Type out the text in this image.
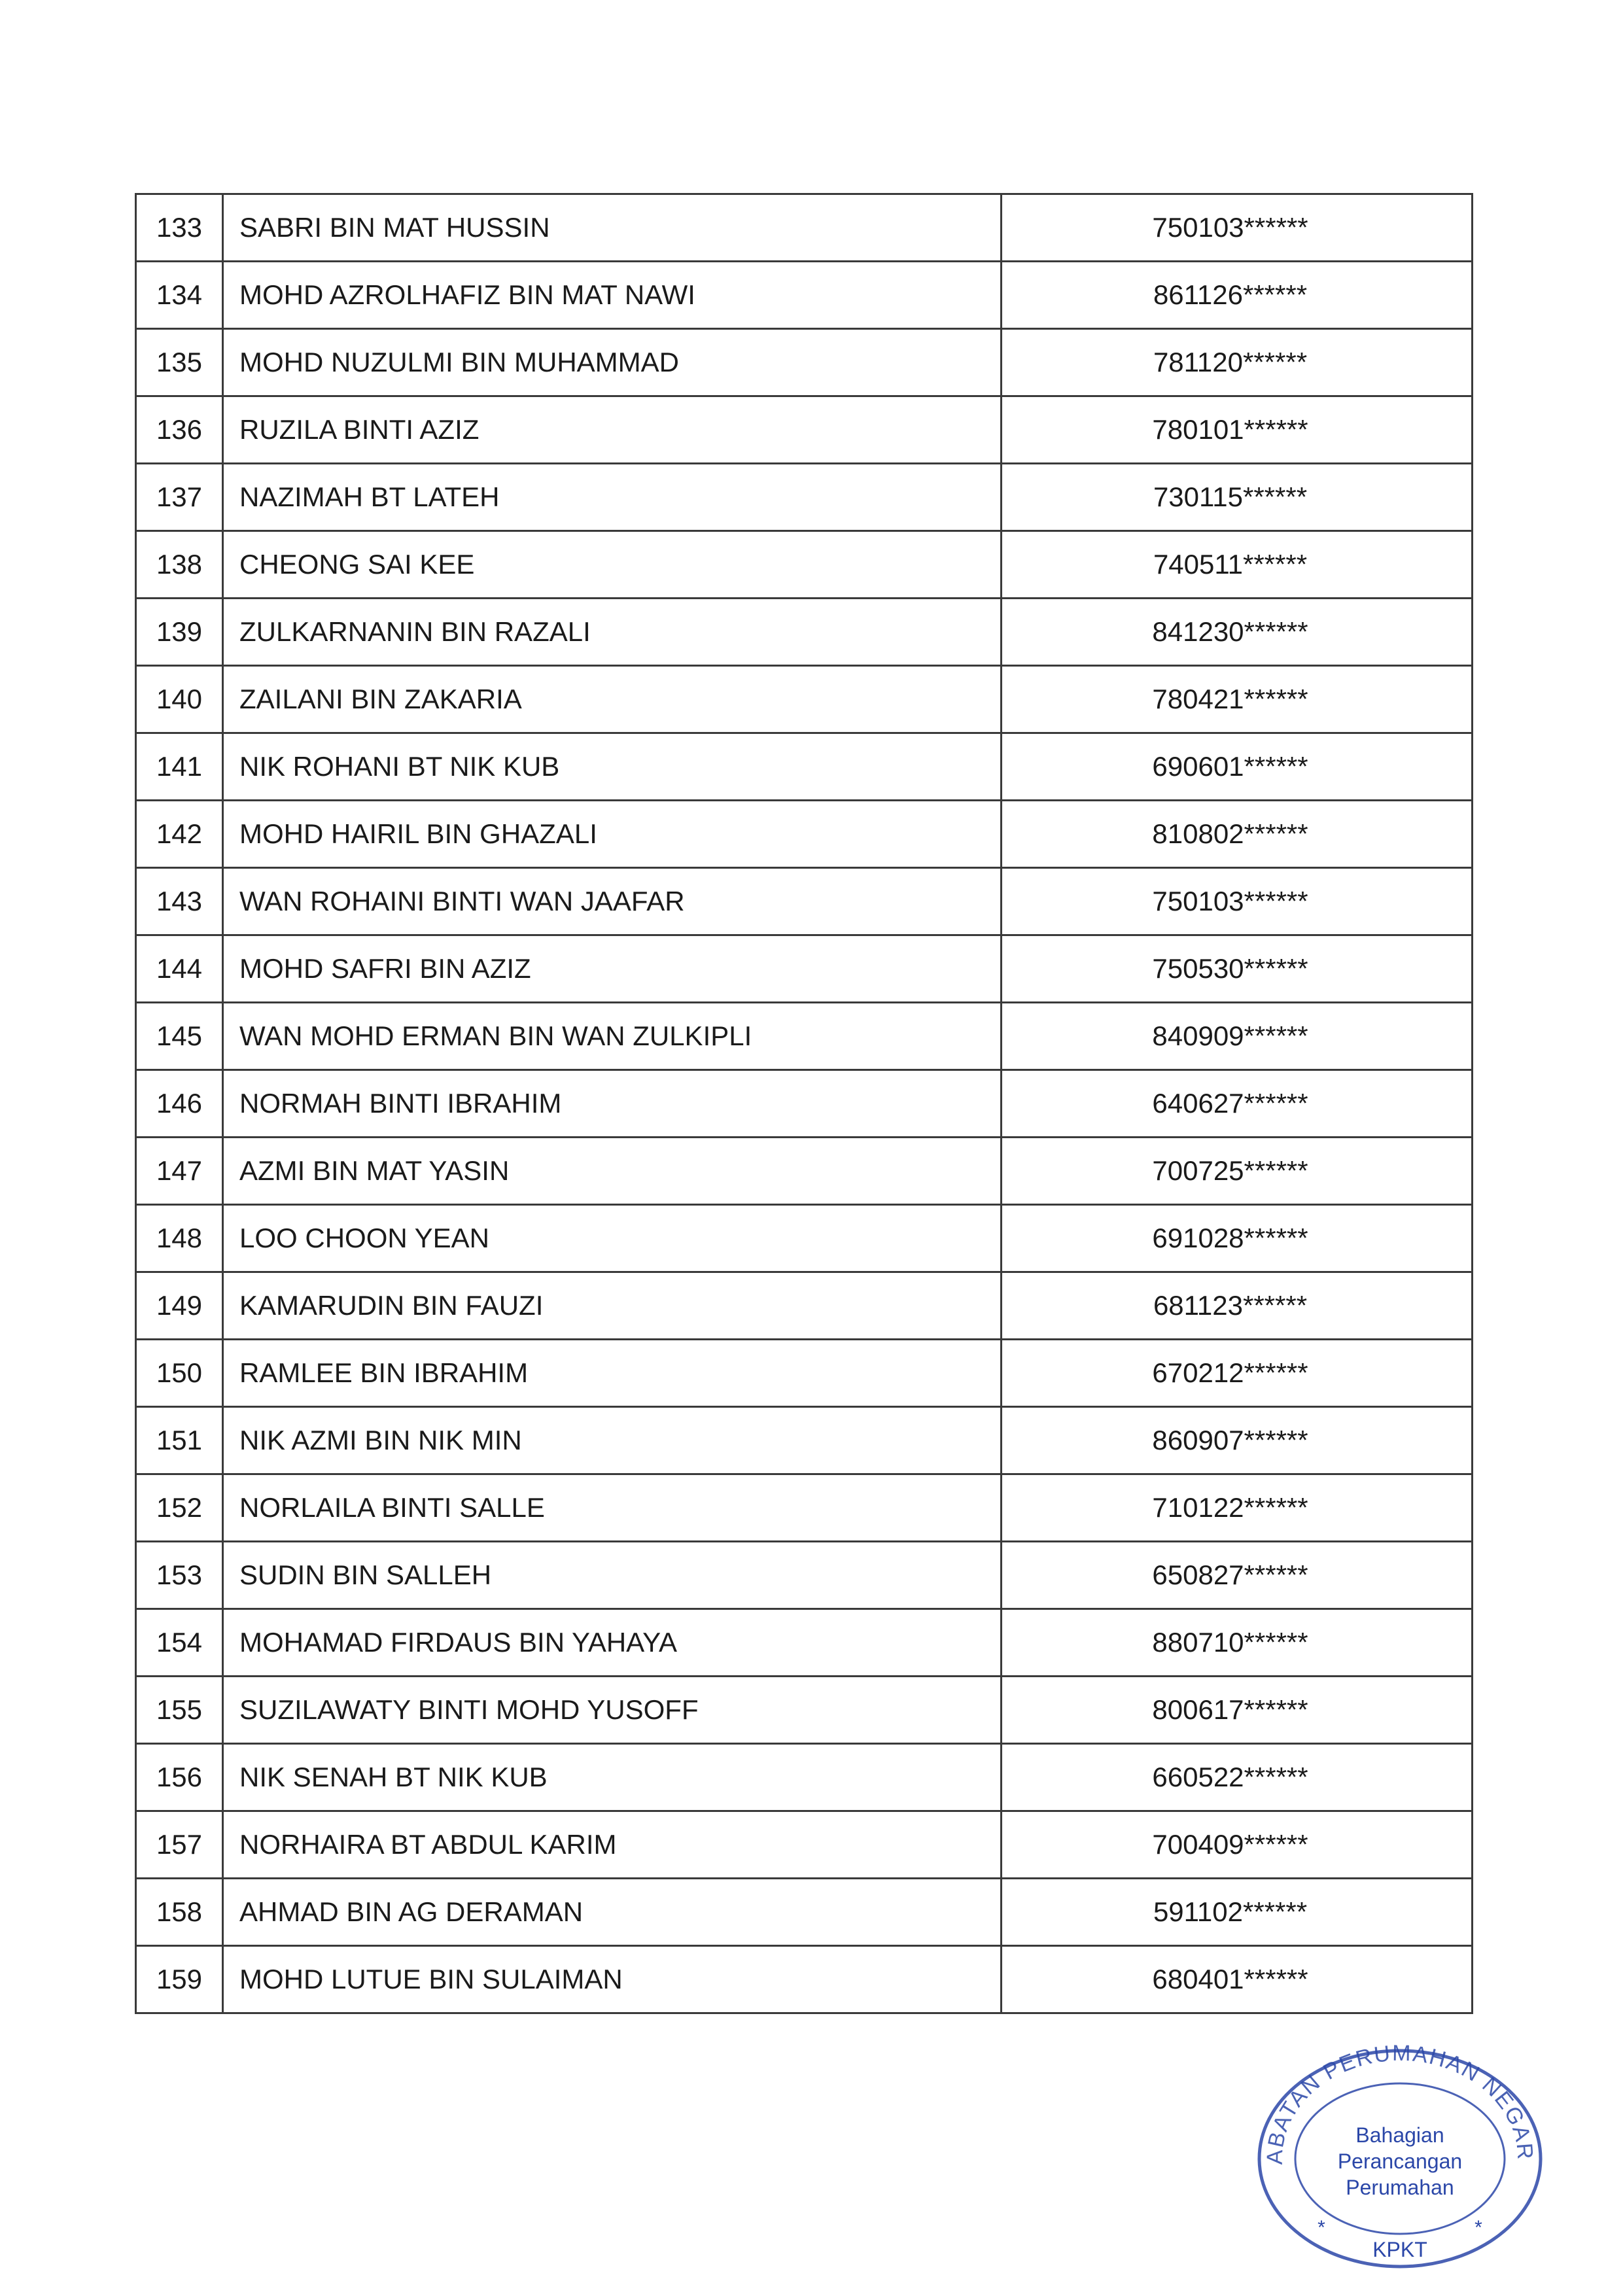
133	SABRI BIN MAT HUSSIN	750103******
134	MOHD AZROLHAFIZ BIN MAT NAWI	861126******
135	MOHD NUZULMI BIN MUHAMMAD	781120******
136	RUZILA BINTI AZIZ	780101******
137	NAZIMAH BT LATEH	730115******
138	CHEONG SAI KEE	740511******
139	ZULKARNANIN BIN RAZALI	841230******
140	ZAILANI BIN ZAKARIA	780421******
141	NIK ROHANI BT NIK KUB	690601******
142	MOHD HAIRIL BIN GHAZALI	810802******
143	WAN ROHAINI BINTI WAN JAAFAR	750103******
144	MOHD SAFRI BIN AZIZ	750530******
145	WAN MOHD ERMAN BIN WAN ZULKIPLI	840909******
146	NORMAH BINTI IBRAHIM	640627******
147	AZMI BIN MAT YASIN	700725******
148	LOO CHOON YEAN	691028******
149	KAMARUDIN BIN FAUZI	681123******
150	RAMLEE BIN IBRAHIM	670212******
151	NIK AZMI BIN NIK MIN	860907******
152	NORLAILA BINTI SALLE	710122******
153	SUDIN BIN SALLEH	650827******
154	MOHAMAD FIRDAUS BIN YAHAYA	880710******
155	SUZILAWATY BINTI MOHD YUSOFF	800617******
156	NIK SENAH BT NIK KUB	660522******
157	NORHAIRA BT ABDUL KARIM	700409******
158	AHMAD BIN AG DERAMAN	591102******
159	MOHD LUTUE BIN SULAIMAN	680401******
ABATAN PERUMAHAN NEGAR
Bahagian
Perancangan
Perumahan
*	*
KPKT
